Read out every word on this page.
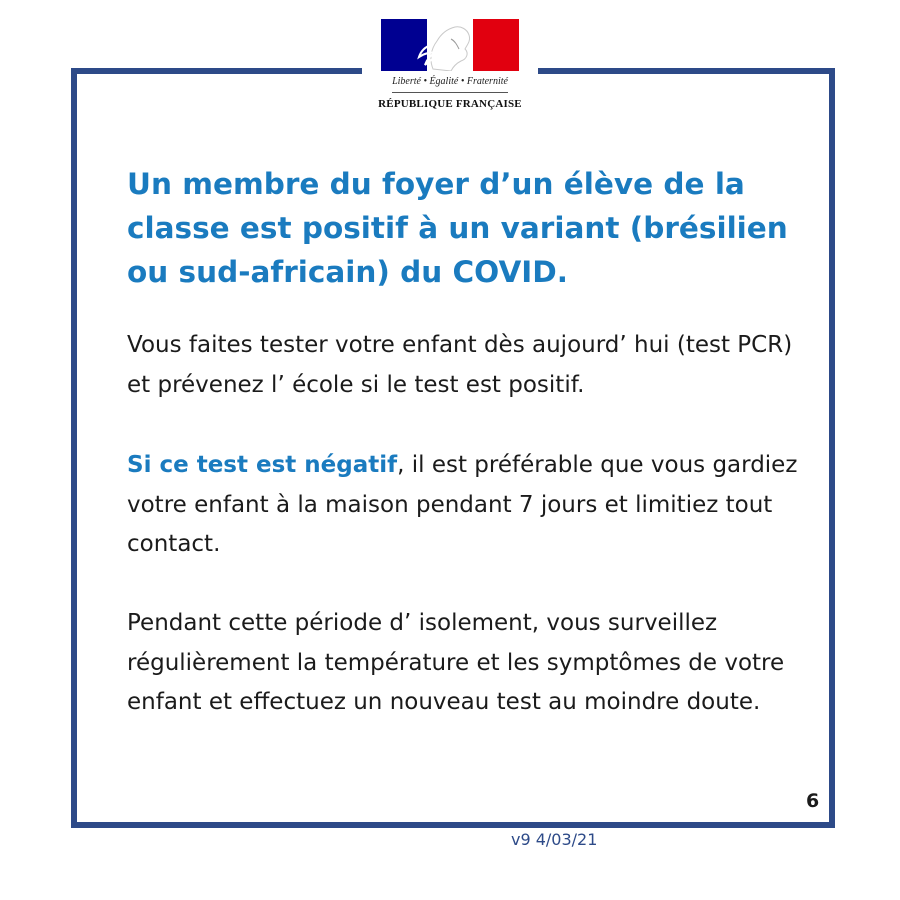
Liberté • Égalité • Fraternité
RÉPUBLIQUE FRANÇAISE
Un membre du foyer d’un élève de la classe est positif à un variant (brésilien ou sud-africain) du COVID.

Vous faites tester votre enfant dès aujourd’ hui (test PCR) et prévenez l’ école si le test est positif.

Si ce test est négatif, il est préférable que vous gardiez votre enfant à la maison pendant 7 jours et limitiez tout contact.

Pendant cette période d’ isolement, vous surveillez régulièrement la température et les symptômes de votre enfant et effectuez un nouveau test au moindre doute.

6
v9 4/03/21
